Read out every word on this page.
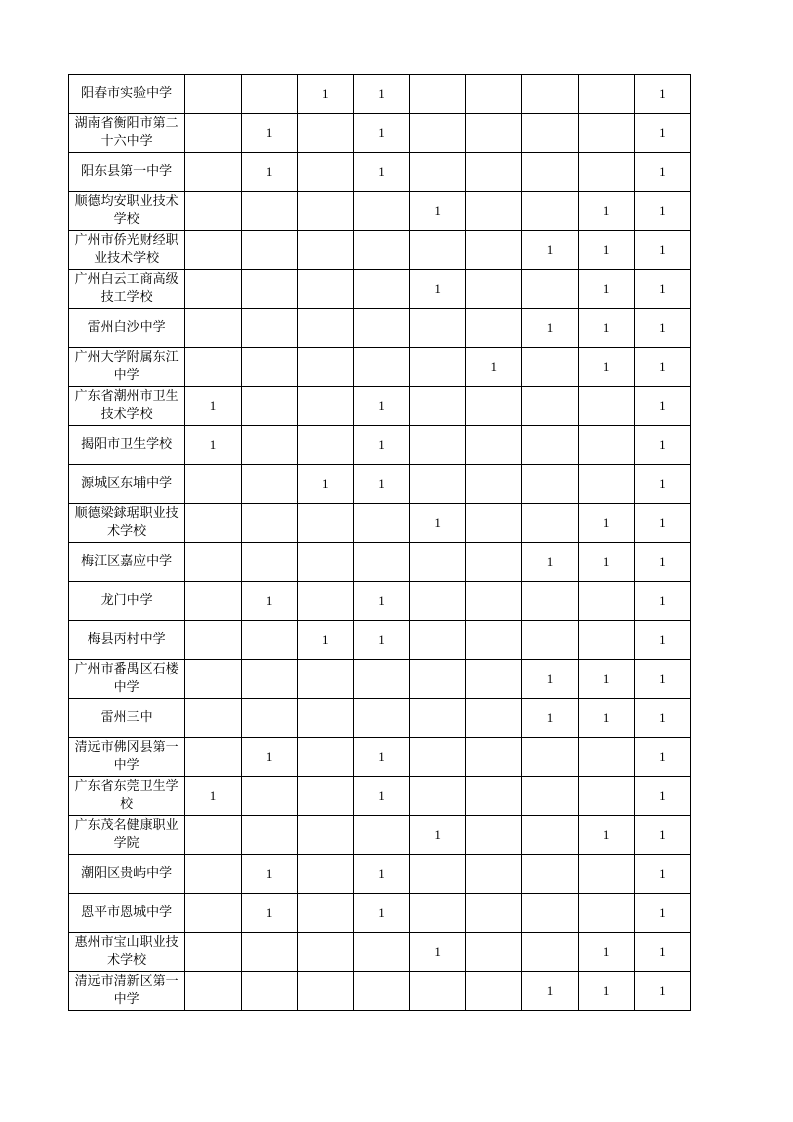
阳春市实验中学			1	1					1
湖南省衡阳市第二十六中学		1		1					1
阳东县第一中学		1		1					1
顺德均安职业技术学校					1			1	1
广州市侨光财经职业技术学校							1	1	1
广州白云工商高级技工学校					1			1	1
雷州白沙中学							1	1	1
广州大学附属东江中学						1		1	1
广东省潮州市卫生技术学校	1			1					1
揭阳市卫生学校	1			1					1
源城区东埔中学			1	1					1
顺德梁銶琚职业技术学校					1			1	1
梅江区嘉应中学							1	1	1
龙门中学		1		1					1
梅县丙村中学			1	1					1
广州市番禺区石楼中学							1	1	1
雷州三中							1	1	1
清远市佛冈县第一中学		1		1					1
广东省东莞卫生学校	1			1					1
广东茂名健康职业学院					1			1	1
潮阳区贵屿中学		1		1					1
恩平市恩城中学		1		1					1
惠州市宝山职业技术学校					1			1	1
清远市清新区第一中学							1	1	1
